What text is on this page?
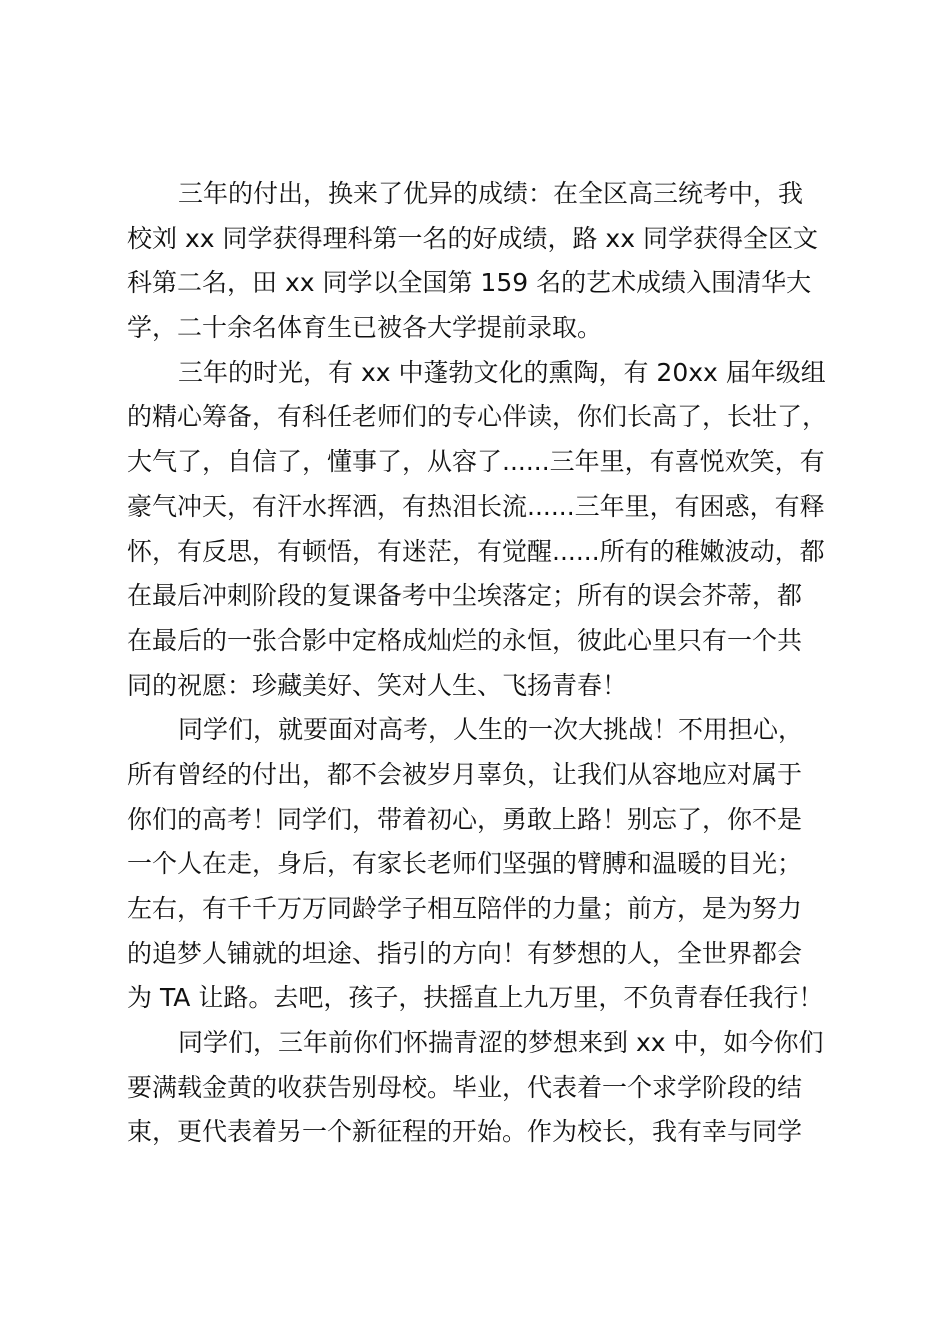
三年的付出，换来了优异的成绩：在全区高三统考中，我
校刘 xx 同学获得理科第一名的好成绩，路 xx 同学获得全区文
科第二名，田 xx 同学以全国第 159 名的艺术成绩入围清华大
学，二十余名体育生已被各大学提前录取。
三年的时光，有 xx 中蓬勃文化的熏陶，有 20xx 届年级组
的精心筹备，有科任老师们的专心伴读，你们长高了，长壮了，
大气了，自信了，懂事了，从容了......三年里，有喜悦欢笑，有
豪气冲天，有汗水挥洒，有热泪长流......三年里，有困惑，有释
怀，有反思，有顿悟，有迷茫，有觉醒......所有的稚嫩波动，都
在最后冲刺阶段的复课备考中尘埃落定；所有的误会芥蒂，都
在最后的一张合影中定格成灿烂的永恒，彼此心里只有一个共
同的祝愿：珍藏美好、笑对人生、飞扬青春！
同学们，就要面对高考，人生的一次大挑战！不用担心，
所有曾经的付出，都不会被岁月辜负，让我们从容地应对属于
你们的高考！同学们，带着初心，勇敢上路！别忘了，你不是
一个人在走，身后，有家长老师们坚强的臂膊和温暖的目光；
左右，有千千万万同龄学子相互陪伴的力量；前方，是为努力
的追梦人铺就的坦途、指引的方向！有梦想的人，全世界都会
为 TA 让路。去吧，孩子，扶摇直上九万里，不负青春任我行！
同学们，三年前你们怀揣青涩的梦想来到 xx 中，如今你们
要满载金黄的收获告别母校。毕业，代表着一个求学阶段的结
束，更代表着另一个新征程的开始。作为校长，我有幸与同学
